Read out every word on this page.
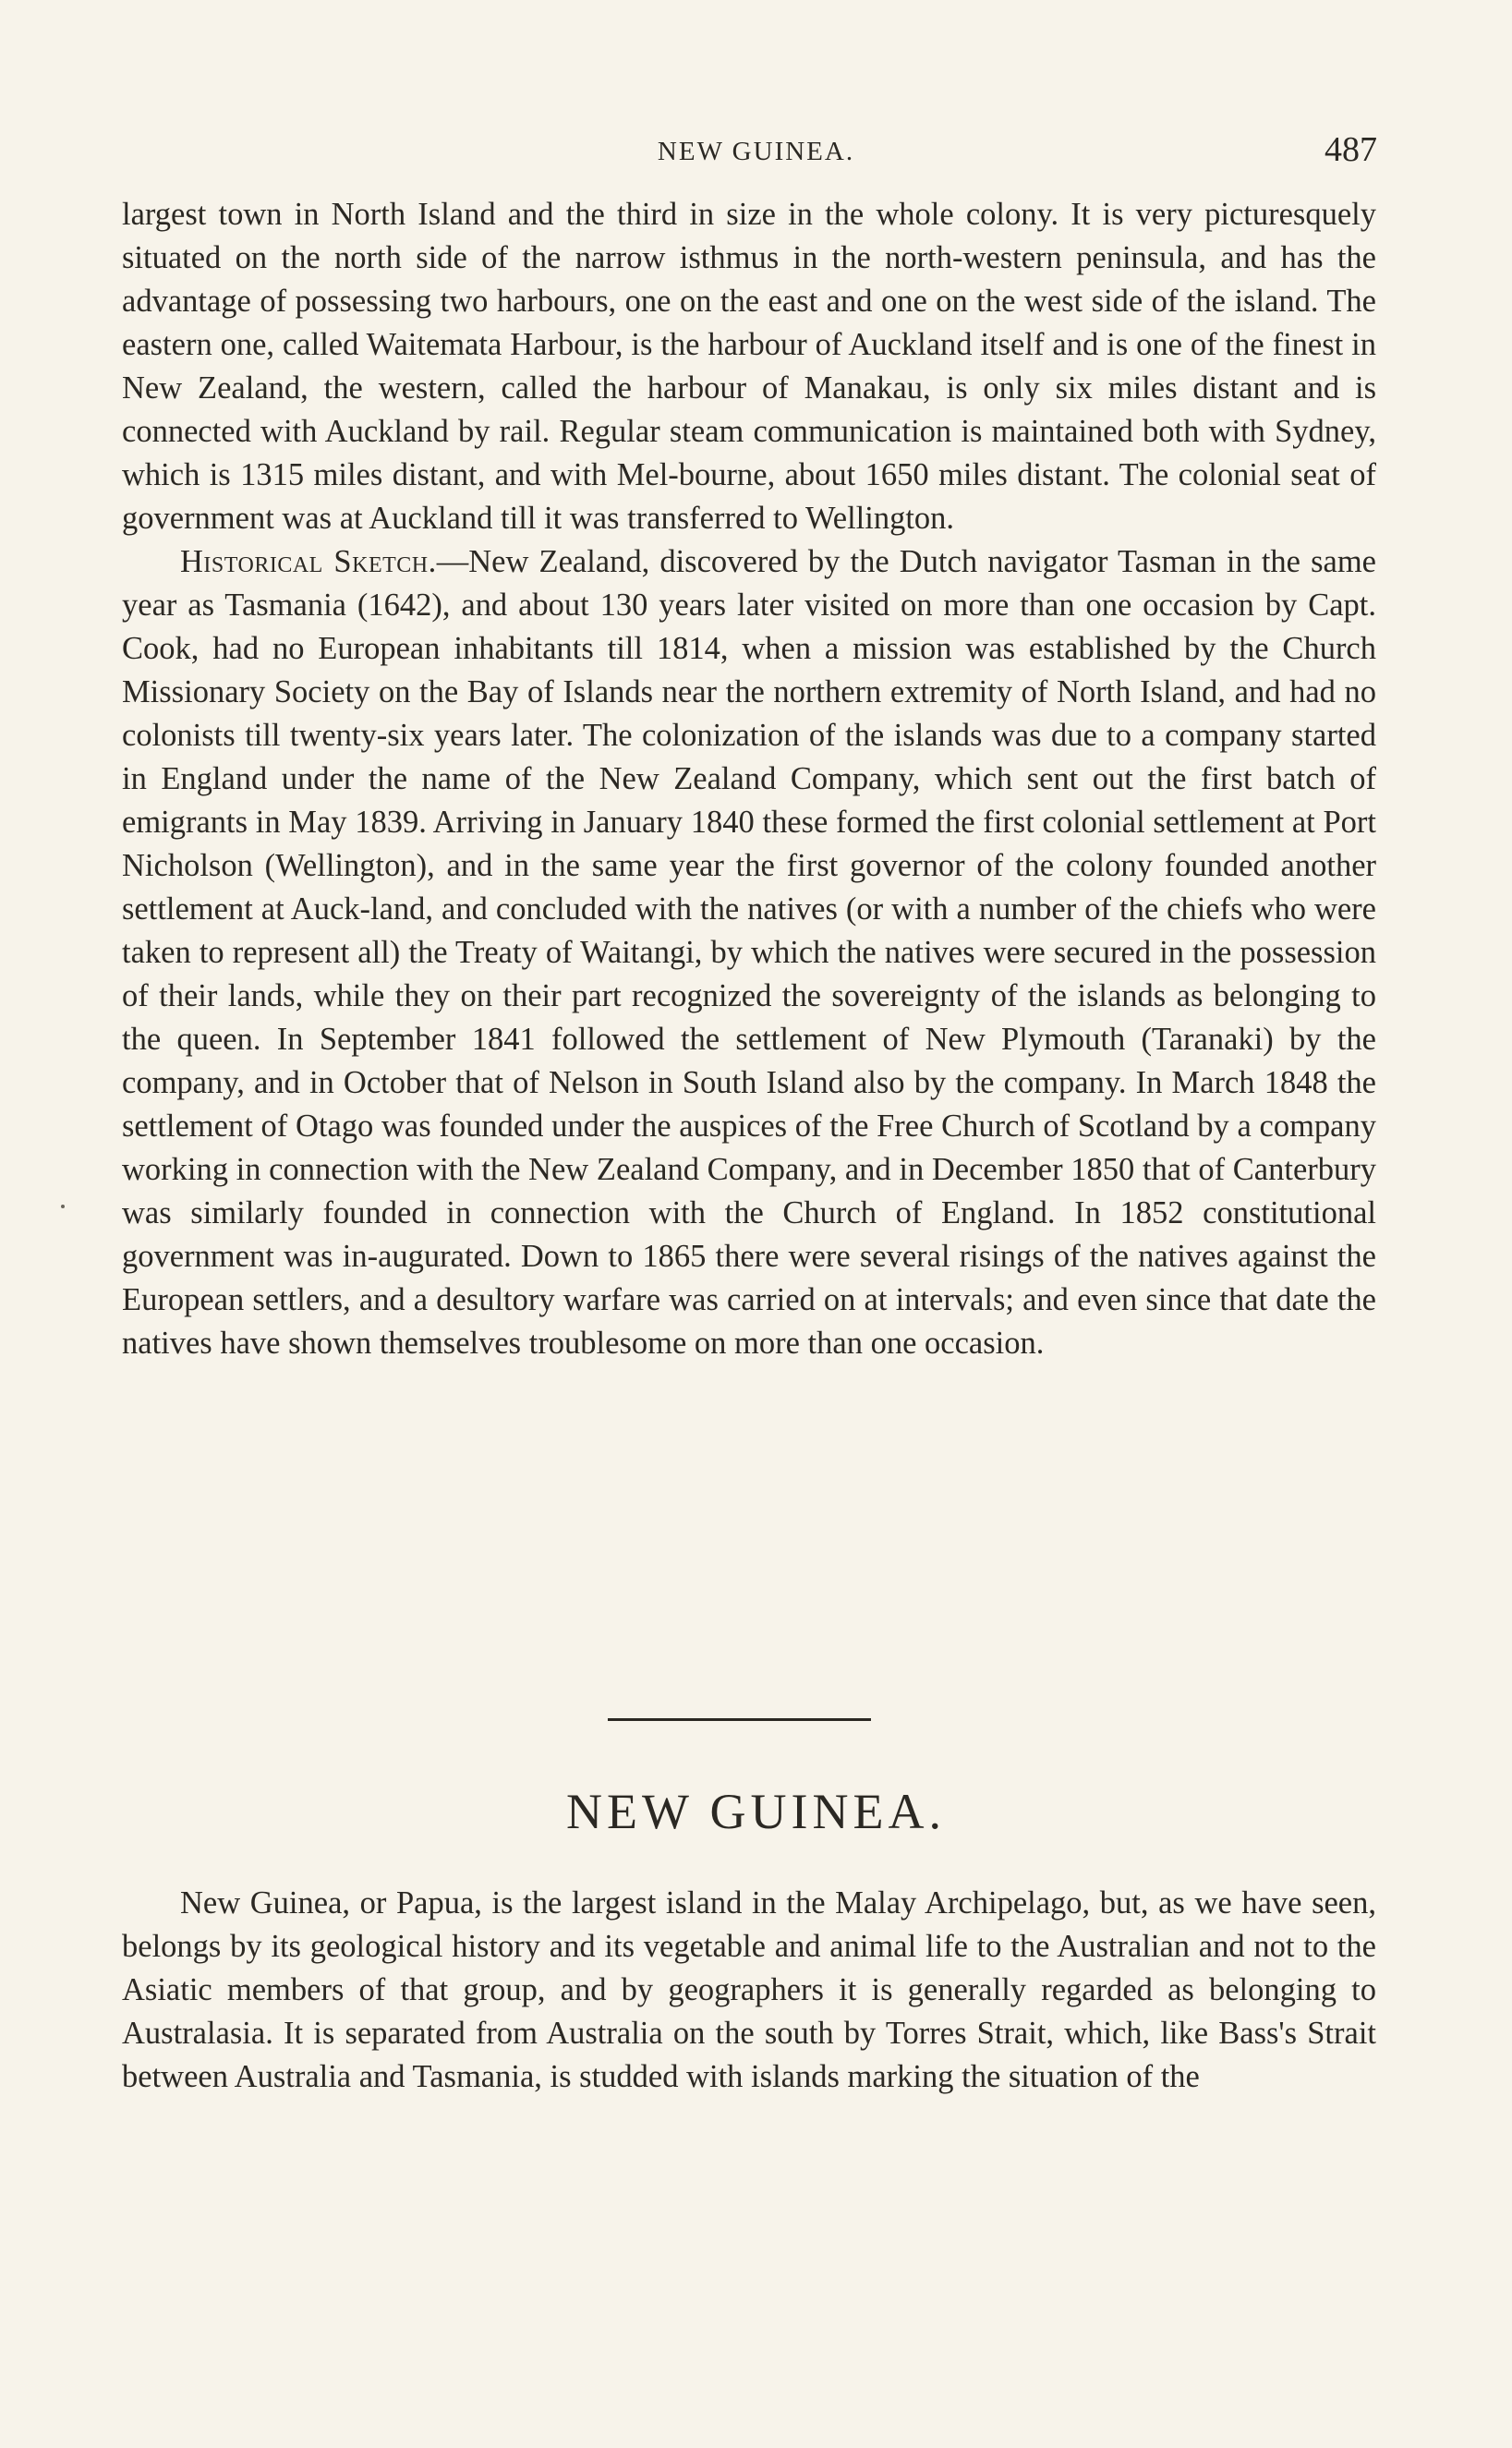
NEW GUINEA.	487

largest town in North Island and the third in size in the whole colony. It is very picturesquely situated on the north side of the narrow isthmus in the north-western peninsula, and has the advantage of possessing two harbours, one on the east and one on the west side of the island. The eastern one, called Waitemata Harbour, is the harbour of Auckland itself and is one of the finest in New Zealand, the western, called the harbour of Manakau, is only six miles distant and is connected with Auckland by rail. Regular steam communication is maintained both with Sydney, which is 1315 miles distant, and with Mel-bourne, about 1650 miles distant. The colonial seat of government was at Auckland till it was transferred to Wellington.

Historical Sketch.—New Zealand, discovered by the Dutch navigator Tasman in the same year as Tasmania (1642), and about 130 years later visited on more than one occasion by Capt. Cook, had no European inhabitants till 1814, when a mission was established by the Church Missionary Society on the Bay of Islands near the northern extremity of North Island, and had no colonists till twenty-six years later. The colonization of the islands was due to a company started in England under the name of the New Zealand Company, which sent out the first batch of emigrants in May 1839. Arriving in January 1840 these formed the first colonial settlement at Port Nicholson (Wellington), and in the same year the first governor of the colony founded another settlement at Auck-land, and concluded with the natives (or with a number of the chiefs who were taken to represent all) the Treaty of Waitangi, by which the natives were secured in the possession of their lands, while they on their part recognized the sovereignty of the islands as belonging to the queen. In September 1841 followed the settlement of New Plymouth (Taranaki) by the company, and in October that of Nelson in South Island also by the company. In March 1848 the settlement of Otago was founded under the auspices of the Free Church of Scotland by a company working in connection with the New Zealand Company, and in December 1850 that of Canterbury was similarly founded in connection with the Church of England. In 1852 constitutional government was in-augurated. Down to 1865 there were several risings of the natives against the European settlers, and a desultory warfare was carried on at intervals; and even since that date the natives have shown themselves troublesome on more than one occasion.

NEW GUINEA.

New Guinea, or Papua, is the largest island in the Malay Archipelago, but, as we have seen, belongs by its geological history and its vegetable and animal life to the Australian and not to the Asiatic members of that group, and by geographers it is generally regarded as belonging to Australasia. It is separated from Australia on the south by Torres Strait, which, like Bass's Strait between Australia and Tasmania, is studded with islands marking the situation of the
